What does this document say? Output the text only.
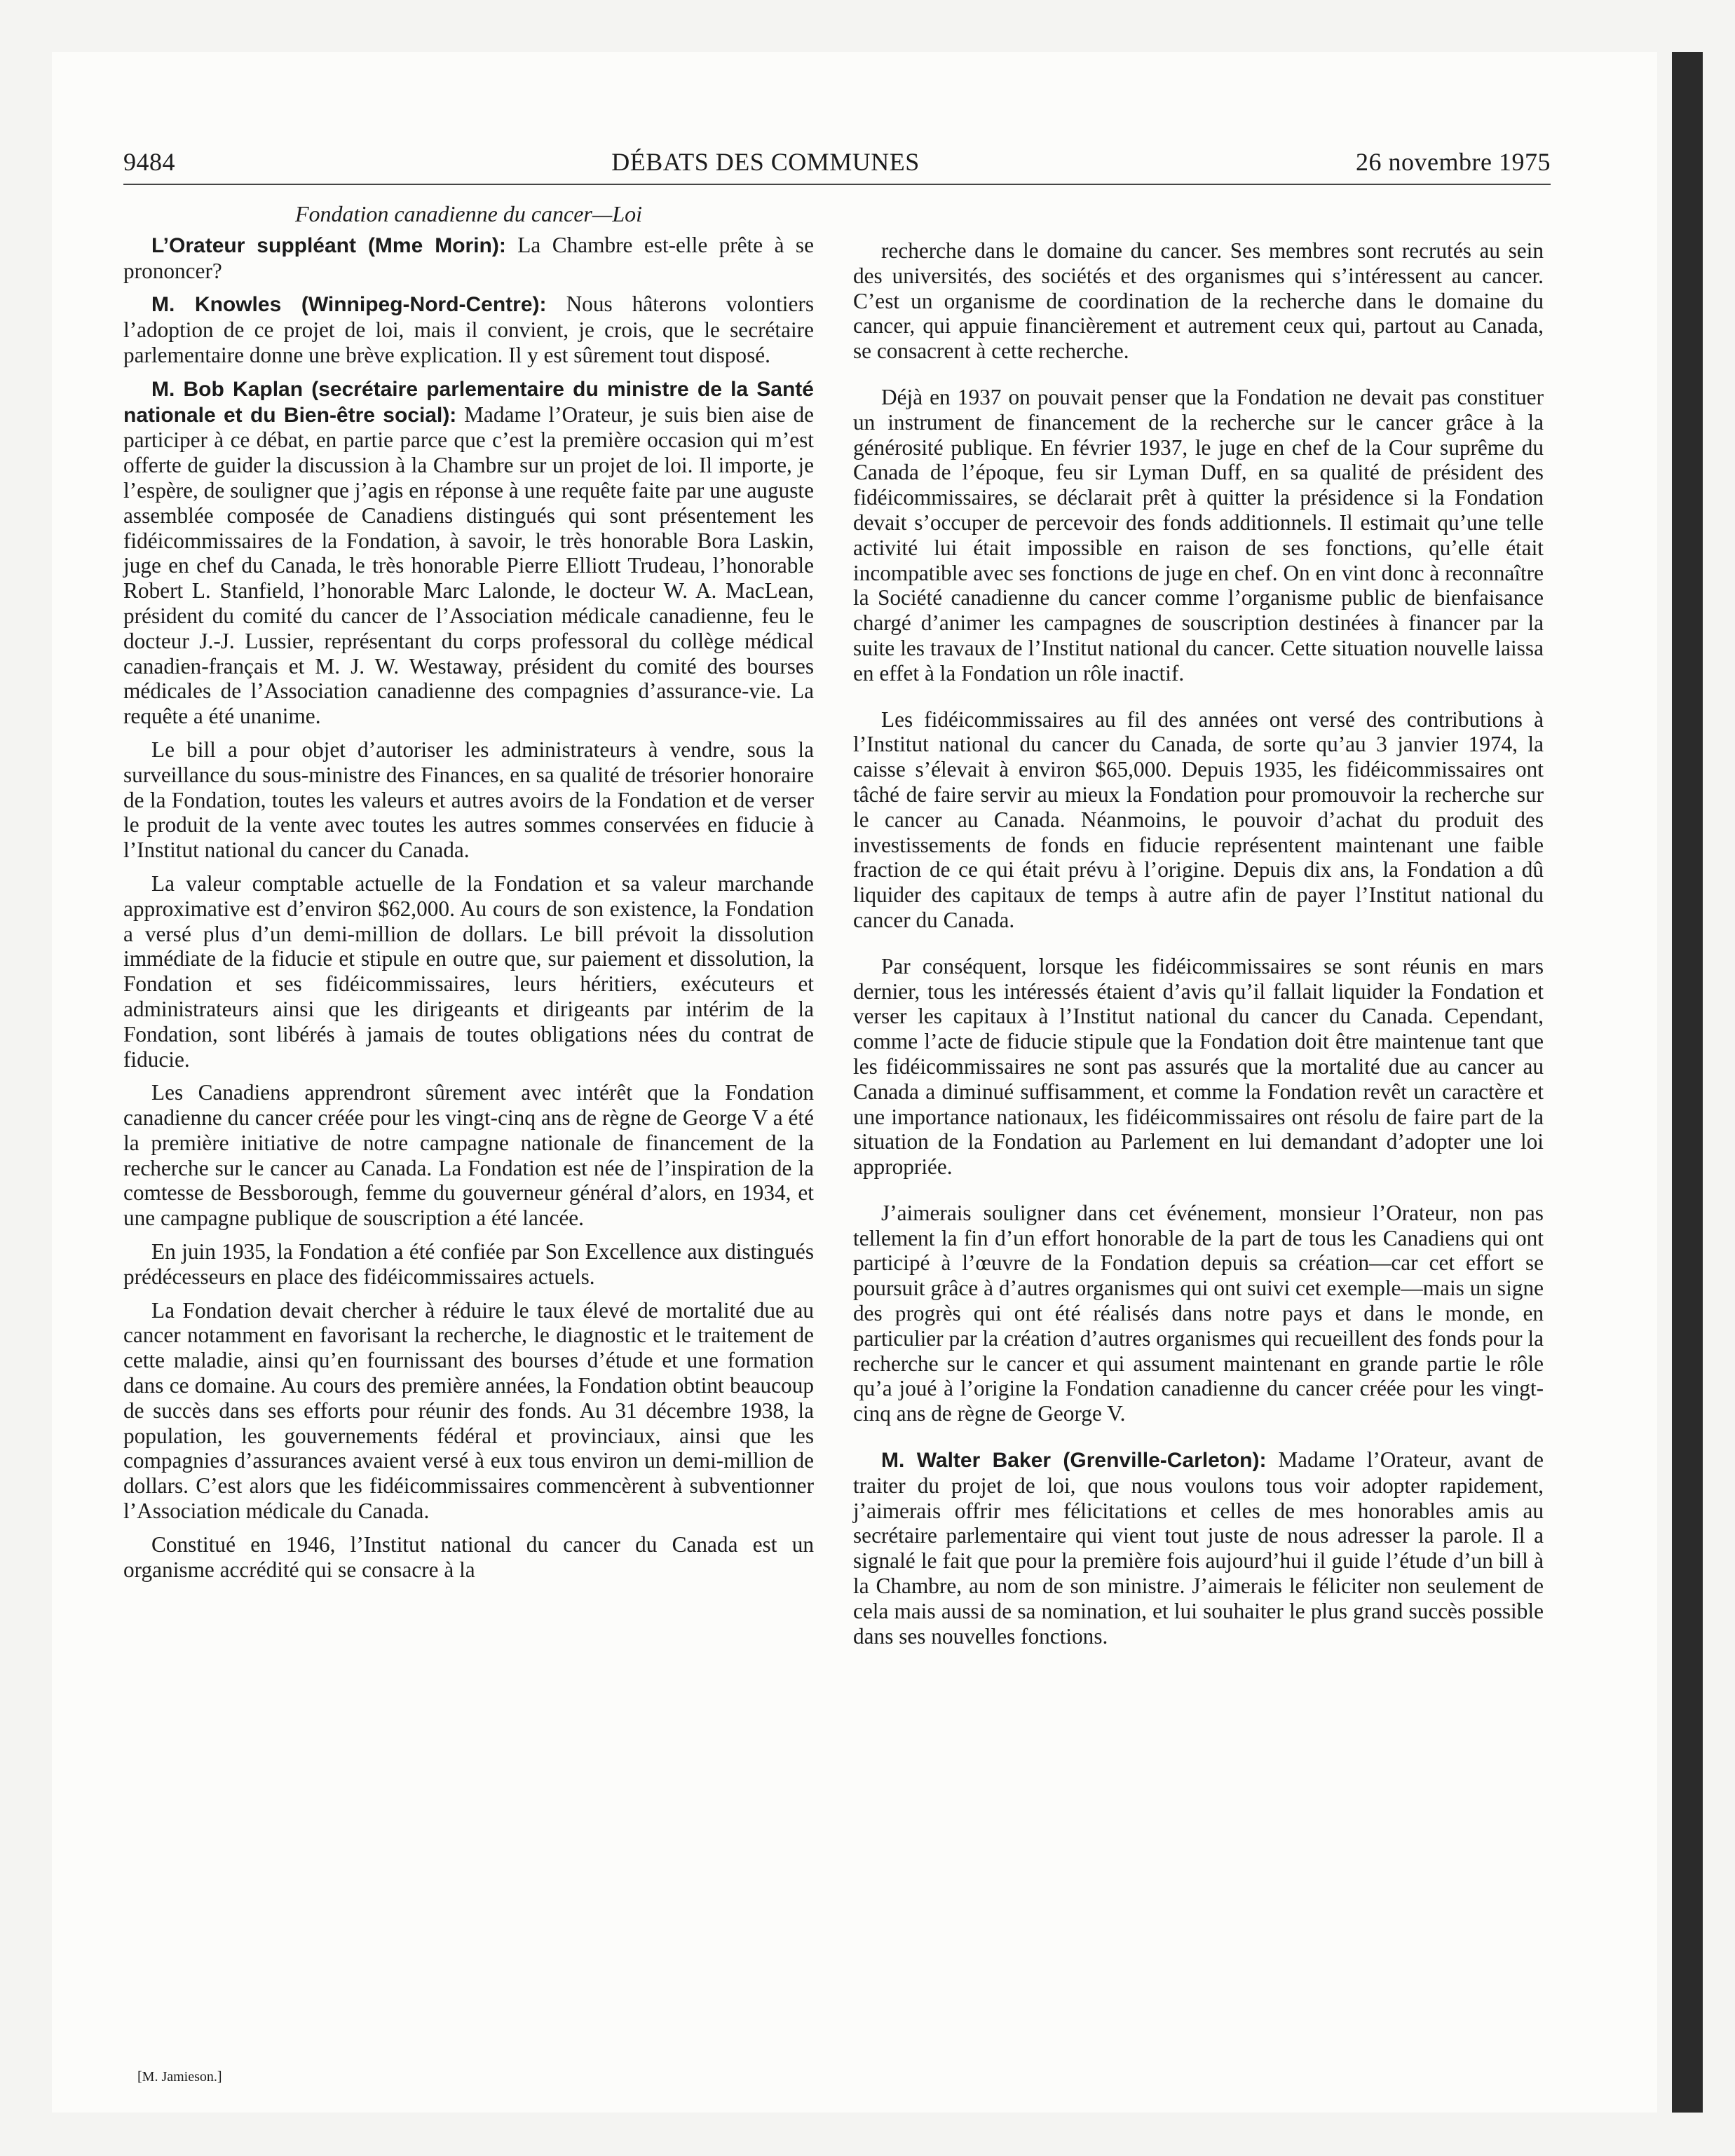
9484	DÉBATS DES COMMUNES	26 novembre 1975
Fondation canadienne du cancer—Loi

L’Orateur suppléant (Mme Morin): La Chambre est-elle prête à se prononcer?

M. Knowles (Winnipeg-Nord-Centre): Nous hâterons volontiers l’adoption de ce projet de loi, mais il convient, je crois, que le secrétaire parlementaire donne une brève explication. Il y est sûrement tout disposé.

M. Bob Kaplan (secrétaire parlementaire du ministre de la Santé nationale et du Bien-être social): Madame l’Orateur, je suis bien aise de participer à ce débat, en partie parce que c’est la première occasion qui m’est offerte de guider la discussion à la Chambre sur un projet de loi. Il importe, je l’espère, de souligner que j’agis en réponse à une requête faite par une auguste assemblée composée de Canadiens distingués qui sont présentement les fidéicommissaires de la Fondation, à savoir, le très honorable Bora Laskin, juge en chef du Canada, le très honorable Pierre Elliott Trudeau, l’honorable Robert L. Stanfield, l’honorable Marc Lalonde, le docteur W. A. MacLean, président du comité du cancer de l’Association médicale canadienne, feu le docteur J.-J. Lussier, représentant du corps professoral du collège médical canadien-français et M. J. W. Westaway, président du comité des bourses médicales de l’Association canadienne des compagnies d’assurance-vie. La requête a été unanime.

Le bill a pour objet d’autoriser les administrateurs à vendre, sous la surveillance du sous-ministre des Finances, en sa qualité de trésorier honoraire de la Fondation, toutes les valeurs et autres avoirs de la Fondation et de verser le produit de la vente avec toutes les autres sommes conservées en fiducie à l’Institut national du cancer du Canada.

La valeur comptable actuelle de la Fondation et sa valeur marchande approximative est d’environ $62,000. Au cours de son existence, la Fondation a versé plus d’un demi-million de dollars. Le bill prévoit la dissolution immédiate de la fiducie et stipule en outre que, sur paiement et dissolution, la Fondation et ses fidéicommissaires, leurs héritiers, exécuteurs et administrateurs ainsi que les dirigeants et dirigeants par intérim de la Fondation, sont libérés à jamais de toutes obligations nées du contrat de fiducie.

Les Canadiens apprendront sûrement avec intérêt que la Fondation canadienne du cancer créée pour les vingt-cinq ans de règne de George V a été la première initiative de notre campagne nationale de financement de la recherche sur le cancer au Canada. La Fondation est née de l’inspiration de la comtesse de Bessborough, femme du gouverneur général d’alors, en 1934, et une campagne publique de souscription a été lancée.

En juin 1935, la Fondation a été confiée par Son Excellence aux distingués prédécesseurs en place des fidéicommissaires actuels.

La Fondation devait chercher à réduire le taux élevé de mortalité due au cancer notamment en favorisant la recherche, le diagnostic et le traitement de cette maladie, ainsi qu’en fournissant des bourses d’étude et une formation dans ce domaine. Au cours des première années, la Fondation obtint beaucoup de succès dans ses efforts pour réunir des fonds. Au 31 décembre 1938, la population, les gouvernements fédéral et provinciaux, ainsi que les compagnies d’assurances avaient versé à eux tous environ un demi-million de dollars. C’est alors que les fidéicommissaires commencèrent à subventionner l’Association médicale du Canada.

Constitué en 1946, l’Institut national du cancer du Canada est un organisme accrédité qui se consacre à la

recherche dans le domaine du cancer. Ses membres sont recrutés au sein des universités, des sociétés et des organismes qui s’intéressent au cancer. C’est un organisme de coordination de la recherche dans le domaine du cancer, qui appuie financièrement et autrement ceux qui, partout au Canada, se consacrent à cette recherche.

Déjà en 1937 on pouvait penser que la Fondation ne devait pas constituer un instrument de financement de la recherche sur le cancer grâce à la générosité publique. En février 1937, le juge en chef de la Cour suprême du Canada de l’époque, feu sir Lyman Duff, en sa qualité de président des fidéicommissaires, se déclarait prêt à quitter la présidence si la Fondation devait s’occuper de percevoir des fonds additionnels. Il estimait qu’une telle activité lui était impossible en raison de ses fonctions, qu’elle était incompatible avec ses fonctions de juge en chef. On en vint donc à reconnaître la Société canadienne du cancer comme l’organisme public de bienfaisance chargé d’animer les campagnes de souscription destinées à financer par la suite les travaux de l’Institut national du cancer. Cette situation nouvelle laissa en effet à la Fondation un rôle inactif.

Les fidéicommissaires au fil des années ont versé des contributions à l’Institut national du cancer du Canada, de sorte qu’au 3 janvier 1974, la caisse s’élevait à environ $65,000. Depuis 1935, les fidéicommissaires ont tâché de faire servir au mieux la Fondation pour promouvoir la recherche sur le cancer au Canada. Néanmoins, le pouvoir d’achat du produit des investissements de fonds en fiducie représentent maintenant une faible fraction de ce qui était prévu à l’origine. Depuis dix ans, la Fondation a dû liquider des capitaux de temps à autre afin de payer l’Institut national du cancer du Canada.

Par conséquent, lorsque les fidéicommissaires se sont réunis en mars dernier, tous les intéressés étaient d’avis qu’il fallait liquider la Fondation et verser les capitaux à l’Institut national du cancer du Canada. Cependant, comme l’acte de fiducie stipule que la Fondation doit être maintenue tant que les fidéicommissaires ne sont pas assurés que la mortalité due au cancer au Canada a diminué suffisamment, et comme la Fondation revêt un caractère et une importance nationaux, les fidéicommissaires ont résolu de faire part de la situation de la Fondation au Parlement en lui demandant d’adopter une loi appropriée.

J’aimerais souligner dans cet événement, monsieur l’Orateur, non pas tellement la fin d’un effort honorable de la part de tous les Canadiens qui ont participé à l’œuvre de la Fondation depuis sa création—car cet effort se poursuit grâce à d’autres organismes qui ont suivi cet exemple—mais un signe des progrès qui ont été réalisés dans notre pays et dans le monde, en particulier par la création d’autres organismes qui recueillent des fonds pour la recherche sur le cancer et qui assument maintenant en grande partie le rôle qu’a joué à l’origine la Fondation canadienne du cancer créée pour les vingt-cinq ans de règne de George V.

M. Walter Baker (Grenville-Carleton): Madame l’Orateur, avant de traiter du projet de loi, que nous voulons tous voir adopter rapidement, j’aimerais offrir mes félicitations et celles de mes honorables amis au secrétaire parlementaire qui vient tout juste de nous adresser la parole. Il a signalé le fait que pour la première fois aujourd’hui il guide l’étude d’un bill à la Chambre, au nom de son ministre. J’aimerais le féliciter non seulement de cela mais aussi de sa nomination, et lui souhaiter le plus grand succès possible dans ses nouvelles fonctions.

[M. Jamieson.]
